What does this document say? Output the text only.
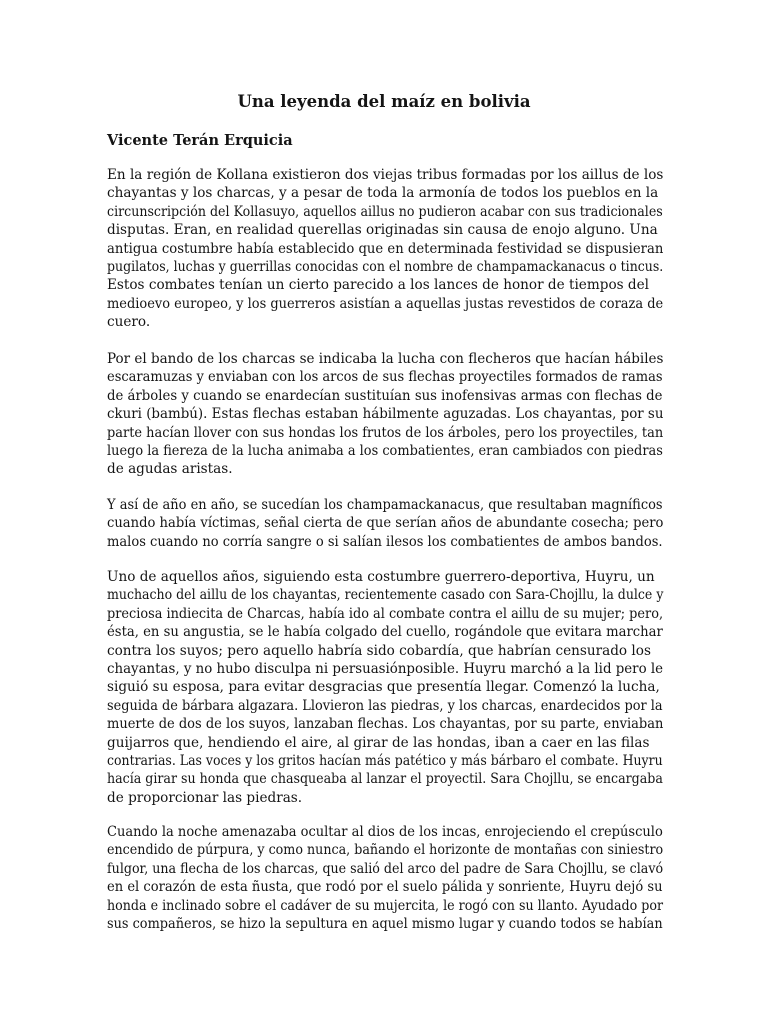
Una leyenda del maíz en bolivia
Vicente Terán Erquicia
En la región de Kollana existieron dos viejas tribus formadas por los aillus de los
chayantas y los charcas, y a pesar de toda la armonía de todos los pueblos en la
circunscripción del Kollasuyo, aquellos aillus no pudieron acabar con sus tradicionales
disputas. Eran, en realidad querellas originadas sin causa de enojo alguno. Una
antigua costumbre había establecido que en determinada festividad se dispusieran
pugilatos, luchas y guerrillas conocidas con el nombre de champamackanacus o tincus.
Estos combates tenían un cierto parecido a los lances de honor de tiempos del
medioevo europeo, y los guerreros asistían a aquellas justas revestidos de coraza de
cuero.
Por el bando de los charcas se indicaba la lucha con flecheros que hacían hábiles
escaramuzas y enviaban con los arcos de sus flechas proyectiles formados de ramas
de árboles y cuando se enardecían sustituían sus inofensivas armas con flechas de
ckuri (bambú). Estas flechas estaban hábilmente aguzadas. Los chayantas, por su
parte hacían llover con sus hondas los frutos de los árboles, pero los proyectiles, tan
luego la fiereza de la lucha animaba a los combatientes, eran cambiados con piedras
de agudas aristas.
Y así de año en año, se sucedían los champamackanacus, que resultaban magníficos
cuando había víctimas, señal cierta de que serían años de abundante cosecha; pero
malos cuando no corría sangre o si salían ilesos los combatientes de ambos bandos.
Uno de aquellos años, siguiendo esta costumbre guerrero-deportiva, Huyru, un
muchacho del aillu de los chayantas, recientemente casado con Sara-Chojllu, la dulce y
preciosa indiecita de Charcas, había ido al combate contra el aillu de su mujer; pero,
ésta, en su angustia, se le había colgado del cuello, rogándole que evitara marchar
contra los suyos; pero aquello habría sido cobardía, que habrían censurado los
chayantas, y no hubo disculpa ni persuasiónposible. Huyru marchó a la lid pero le
siguió su esposa, para evitar desgracias que presentía llegar. Comenzó la lucha,
seguida de bárbara algazara. Llovieron las piedras, y los charcas, enardecidos por la
muerte de dos de los suyos, lanzaban flechas. Los chayantas, por su parte, enviaban
guijarros que, hendiendo el aire, al girar de las hondas, iban a caer en las filas
contrarias. Las voces y los gritos hacían más patético y más bárbaro el combate. Huyru
hacía girar su honda que chasqueaba al lanzar el proyectil. Sara Chojllu, se encargaba
de proporcionar las piedras.
Cuando la noche amenazaba ocultar al dios de los incas, enrojeciendo el crepúsculo
encendido de púrpura, y como nunca, bañando el horizonte de montañas con siniestro
fulgor, una flecha de los charcas, que salió del arco del padre de Sara Chojllu, se clavó
en el corazón de esta ñusta, que rodó por el suelo pálida y sonriente, Huyru dejó su
honda e inclinado sobre el cadáver de su mujercita, le rogó con su llanto. Ayudado por
sus compañeros, se hizo la sepultura en aquel mismo lugar y cuando todos se habían
